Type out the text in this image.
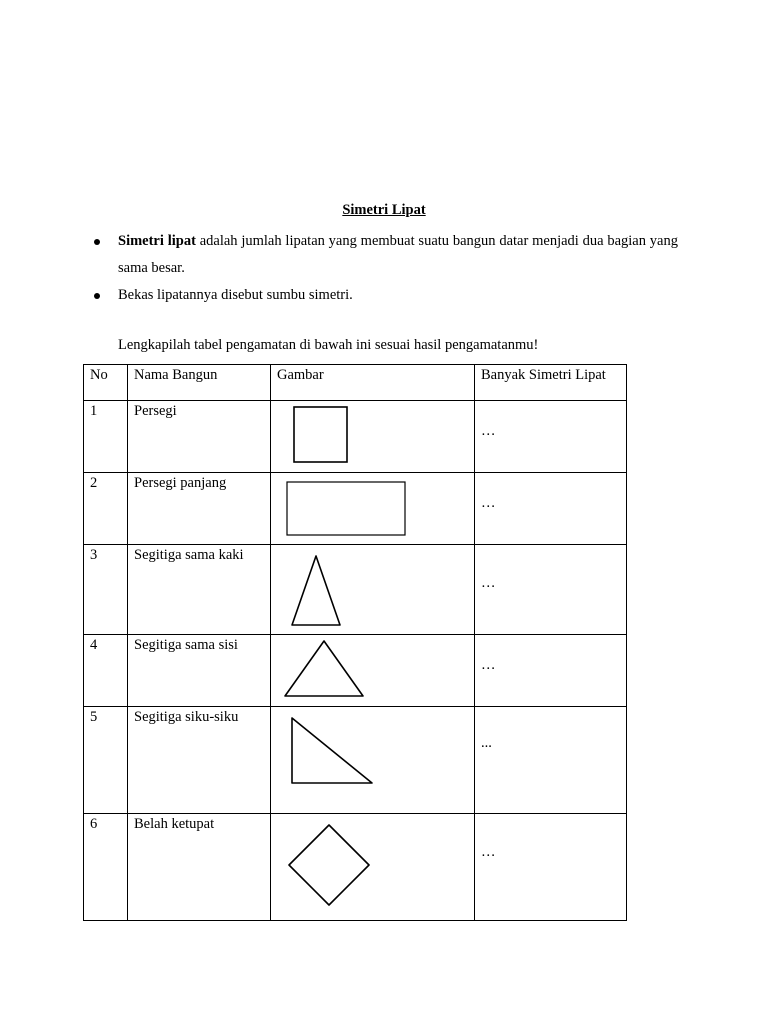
Simetri Lipat
Simetri lipat adalah jumlah lipatan yang membuat suatu bangun datar menjadi dua bagian yang sama besar.
Bekas lipatannya disebut sumbu simetri.
Lengkapilah tabel pengamatan di bawah ini sesuai hasil pengamatanmu!
No	Nama Bangun	Gambar	Banyak Simetri Lipat
1	Persegi		…

2	Persegi panjang		…

3	Segitiga sama kaki		…

4	Segitiga sama sisi		…

5	Segitiga siku-siku		...

6	Belah ketupat		…
